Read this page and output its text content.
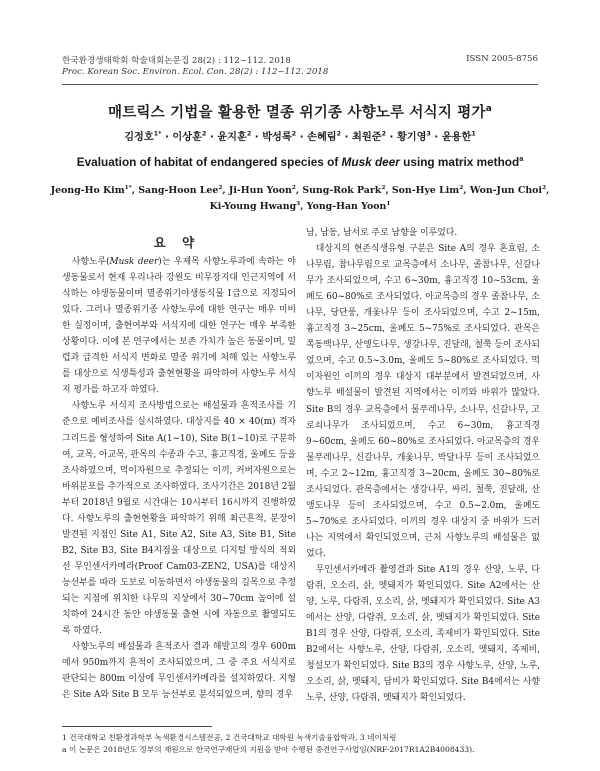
한국환경생태학회 학술대회논문집 28(2) : 112~112. 2018	ISSN 2005-8756
Proc. Korean Soc. Environ. Ecol. Con. 28(2) : 112~112. 2018
매트릭스 기법을 활용한 멸종 위기종 사향노루 서식지 평가$^a$
김정호$^{1*}$ · 이상훈$^2$ · 윤지훈$^2$ · 박성록$^2$ · 손혜림$^2$ · 최원준$^2$ · 황기영$^3$ · 윤용한$^1$
Evaluation of habitat of endangered species of Musk deer using matrix method$^a$
Jeong-Ho Kim$^{1*}$, Sang-Hoon Lee$^2$, Ji-Hun Yoon$^2$, Sung-Rok Park$^2$, Son-Hye Lim$^2$, Won-Jun Choi$^2$, Ki-Young Hwang$^3$, Yong-Han Yoon$^1$
요 약

사향노루(Musk deer)는 우제목 사향노루과에 속하는 야생동물로서 현재 우리나라 강원도 비무장지대 인근지역에 서식하는 야생동물이며 멸종위기야생동식물 Ⅰ급으로 지정되어 있다. 그러나 멸종위기종 사향노루에 대한 연구는 매우 미비한 실정이며, 출현여부와 서식지에 대한 연구는 매우 부족한 상황이다. 이에 본 연구에서는 보존 가치가 높은 동물이며, 밀렵과 급격한 서식지 변화로 멸종 위기에 처해 있는 사향노루를 대상으로 식생특성과 출현현황을 파악하여 사향노루 서식지 평가를 하고자 하였다.

사향노루 서식지 조사방법으로는 배설물과 흔적조사를 기준으로 예비조사를 실시하였다. 대상지를 40 × 40(m) 격자 그리드를 형성하여 Site A(1~10), Site B(1~10)로 구분하여, 교목, 아교목, 관목의 수종과 수고, 흉고직경, 울폐도 등을 조사하였으며, 먹이자원으로 추정되는 이끼, 커버자원으로는 바위분포를 추가적으로 조사하였다. 조사기간은 2018년 2월부터 2018년 9월로 시간대는 10시부터 16시까지 진행하였다. 사향노루의 출현현황을 파악하기 위해 최근흔적, 분장이 발견된 지점인 Site A1, Site A2, Site A3, Site B1, Site B2, Site B3, Site B4지점을 대상으로 디지털 방식의 적외선 무인센서카메라(Proof Cam03-ZEN2, USA)를 대상지 능선부를 따라 도보로 이동하면서 야생동물의 길목으로 추정되는 지점에 위치한 나무의 지상에서 30~70cm 높이에 설치하여 24시간 동안 야생동물 출현 시에 자동으로 촬영되도록 하였다.

사향노루의 배설물과 흔적조사 결과 해발고의 경우 600m에서 950m까지 흔적이 조사되었으며, 그 중 주요 서식지로 판단되는 800m 이상에 무인센서카메라를 설치하였다. 지형은 Site A와 Site B 모두 능선부로 분석되었으며, 향의 경우

남, 남동, 남서로 주로 남향을 이루었다.

대상지의 현존식생유형 구분은 Site A의 경우 혼효림, 소나무림, 참나무림으로 교목층에서 소나무, 졸참나무, 신갈나무가 조사되었으며, 수고 6~30m, 흉고직경 10~53cm, 울폐도 60~80%로 조사되었다. 아교목층의 경우 졸참나무, 소나무, 당단풍, 개옻나무 등이 조사되었으며, 수고 2~15m, 흉고직경 3~25cm, 울폐도 5~75%로 조사되었다. 관목은 쪽동백나무, 산앵도나무, 생강나무, 진달래, 철쭉 등이 조사되었으며, 수고 0.5~3.0m, 울폐도 5~80%로 조사되었다. 먹이자원인 이끼의 경우 대상지 대부분에서 발견되었으며, 사향노루 배설물이 발견된 지역에서는 이끼와 바위가 많았다. Site B의 경우 교목층에서 물푸레나무, 소나무, 신갈나무, 고로쇠나무가 조사되었으며, 수고 6~30m, 흉고직경 9~60cm, 울폐도 60~80%로 조사되었다. 아교목층의 경우 물푸레나무, 신갈나무, 개옻나무, 박달나무 등이 조사되었으며, 수고 2~12m, 흉고직경 3~20cm, 울폐도 30~80%로 조사되었다. 관목층에서는 생강나무, 싸리, 철쭉, 진달래, 산앵도나무 등이 조사되었으며, 수고 0.5~2.0m, 울폐도 5~70%로 조사되었다. 이끼의 경우 대상지 중 바위가 드러나는 지역에서 확인되었으며, 근처 사향노루의 배설물은 없었다.

무인센서카메라 촬영결과 Site A1의 경우 산양, 노루, 다람쥐, 오소리, 삵, 멧돼지가 확인되었다. Site A2에서는 산양, 노루, 다람쥐, 오소리, 삵, 멧돼지가 확인되었다. Site A3에서는 산양, 다람쥐, 오소리, 삵, 멧돼지가 확인되었다. Site B1의 경우 산양, 다람쥐, 오소리, 족제비가 확인되었다. Site B2에서는 사향노루, 산양, 다람쥐, 오소리, 멧돼지, 족제비, 청설모가 확인되었다. Site B3의 경우 사향노루, 산양, 노루, 오소리, 삵, 멧돼지, 담비가 확인되었다. Site B4에서는 사향노루, 산양, 다람쥐, 멧돼지가 확인되었다.

1 건국대학교 친환경과학부 녹색환경시스템전공, 2 건국대학교 대학원 녹색기술융합학과, 3 네이처링
a 이 논문은 2018년도 정부의 재원으로 한국연구재단의 지원을 받아 수행된 중견연구사업임(NRF-2017R1A2B4008433).
